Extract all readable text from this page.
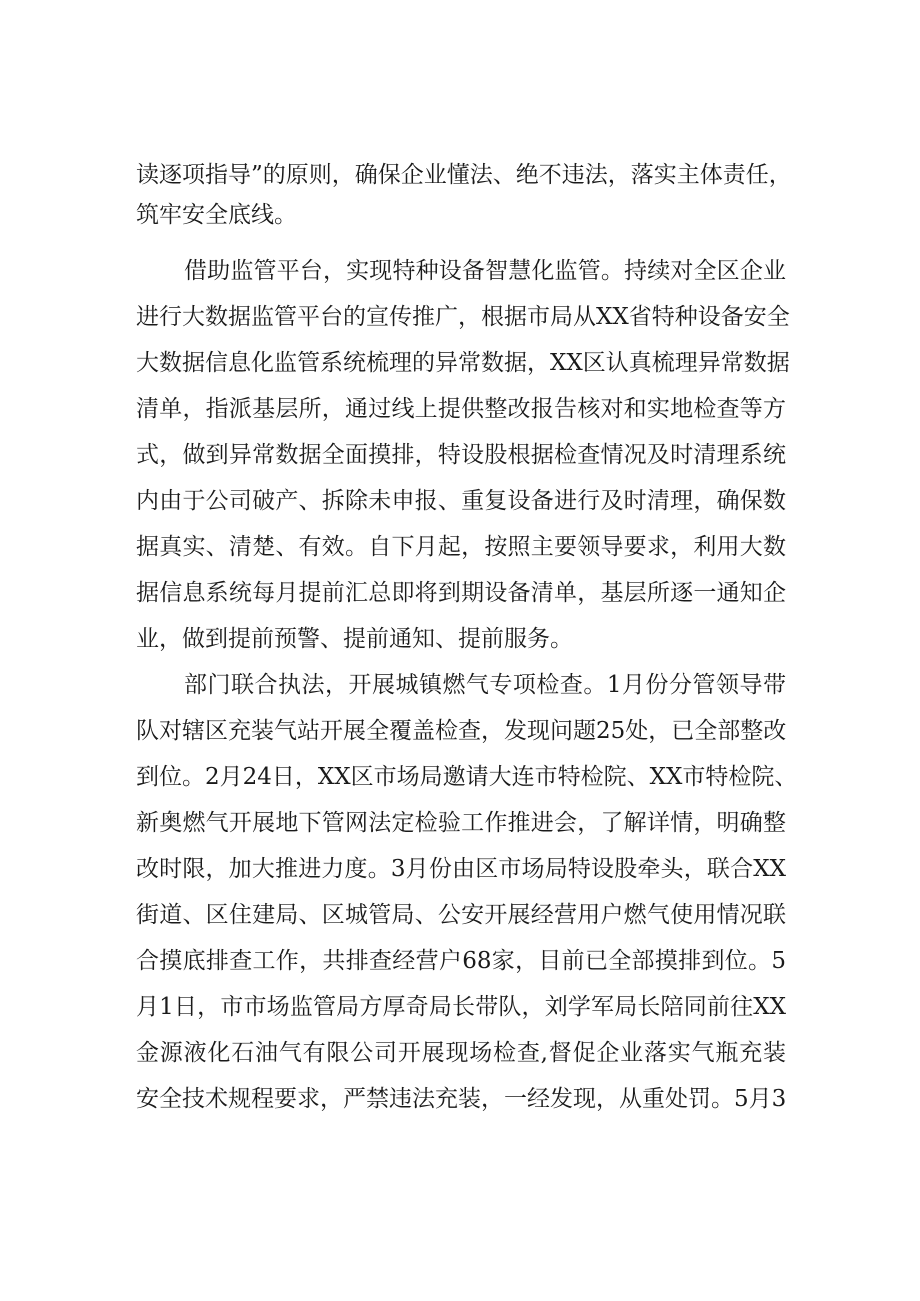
读逐项指导”的原则，确保企业懂法、绝不违法，落实主体责任，
筑牢安全底线。
借助监管平台，实现特种设备智慧化监管。持续对全区企业
进行大数据监管平台的宣传推广，根据市局从XX省特种设备安全
大数据信息化监管系统梳理的异常数据，XX区认真梳理异常数据
清单，指派基层所，通过线上提供整改报告核对和实地检查等方
式，做到异常数据全面摸排，特设股根据检查情况及时清理系统
内由于公司破产、拆除未申报、重复设备进行及时清理，确保数
据真实、清楚、有效。自下月起，按照主要领导要求，利用大数
据信息系统每月提前汇总即将到期设备清单，基层所逐一通知企
业，做到提前预警、提前通知、提前服务。
部门联合执法，开展城镇燃气专项检查。1月份分管领导带
队对辖区充装气站开展全覆盖检查，发现问题25处，已全部整改
到位。2月24日，XX区市场局邀请大连市特检院、XX市特检院、
新奥燃气开展地下管网法定检验工作推进会，了解详情，明确整
改时限，加大推进力度。3月份由区市场局特设股牵头，联合XX
街道、区住建局、区城管局、公安开展经营用户燃气使用情况联
合摸底排查工作，共排查经营户68家，目前已全部摸排到位。5
月1日，市市场监管局方厚奇局长带队，刘学军局长陪同前往XX
金源液化石油气有限公司开展现场检查,督促企业落实气瓶充装
安全技术规程要求，严禁违法充装，一经发现，从重处罚。5月3
